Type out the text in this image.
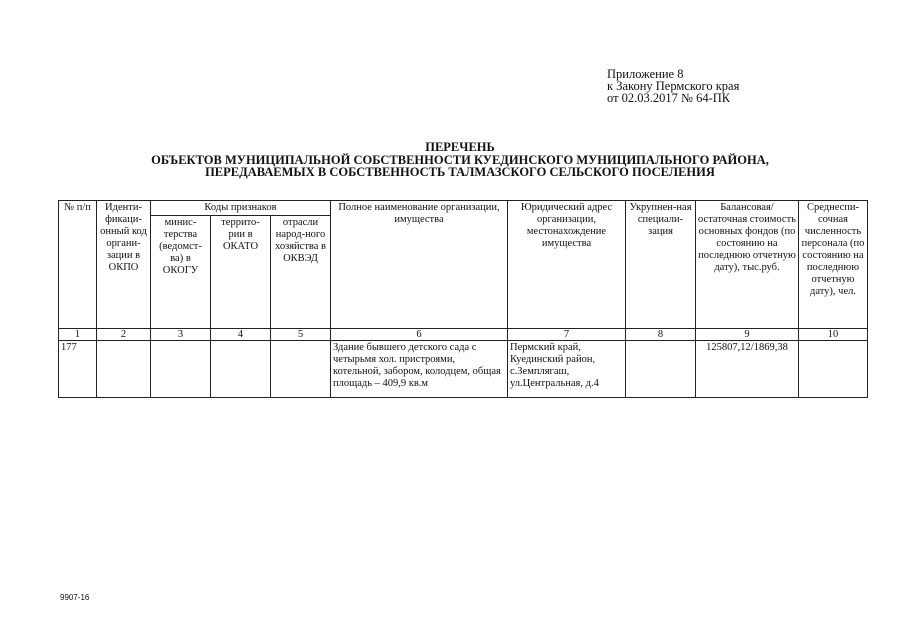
Приложение 8
к Закону Пермского края
от 02.03.2017 № 64-ПК
ПЕРЕЧЕНЬ
ОБЪЕКТОВ МУНИЦИПАЛЬНОЙ СОБСТВЕННОСТИ КУЕДИНСКОГО МУНИЦИПАЛЬНОГО РАЙОНА,
ПЕРЕДАВАЕМЫХ В СОБСТВЕННОСТЬ ТАЛМАЗСКОГО СЕЛЬСКОГО ПОСЕЛЕНИЯ
№ п/п	Иденти-фикаци-онный код органи-зации в ОКПО	Коды признаков			Полное наименование организации, имущества	Юридический адрес организации, местонахождение имущества	Укрупнен-ная специали-зация	Балансовая/ остаточная стоимость основных фондов (по состоянию на последнюю отчетную дату), тыс.руб.	Среднеспи-сочная численность персонала (по состоянию на последнюю отчетную дату), чел.
		минис-терства (ведомст-ва) в ОКОГУ	террито-рии в ОКАТО	отрасли народ-ного хозяйства в ОКВЭД					
1	2	3	4	5	6	7	8	9	10
177					Здание бывшего детского сада с четырьмя хол. пристроями, котельной, забором, колодцем, общая площадь – 409,9 кв.м	Пермский край, Куединский район, с.Земплягаш, ул.Центральная, д.4		125807,12/1869,38	
9907-16
